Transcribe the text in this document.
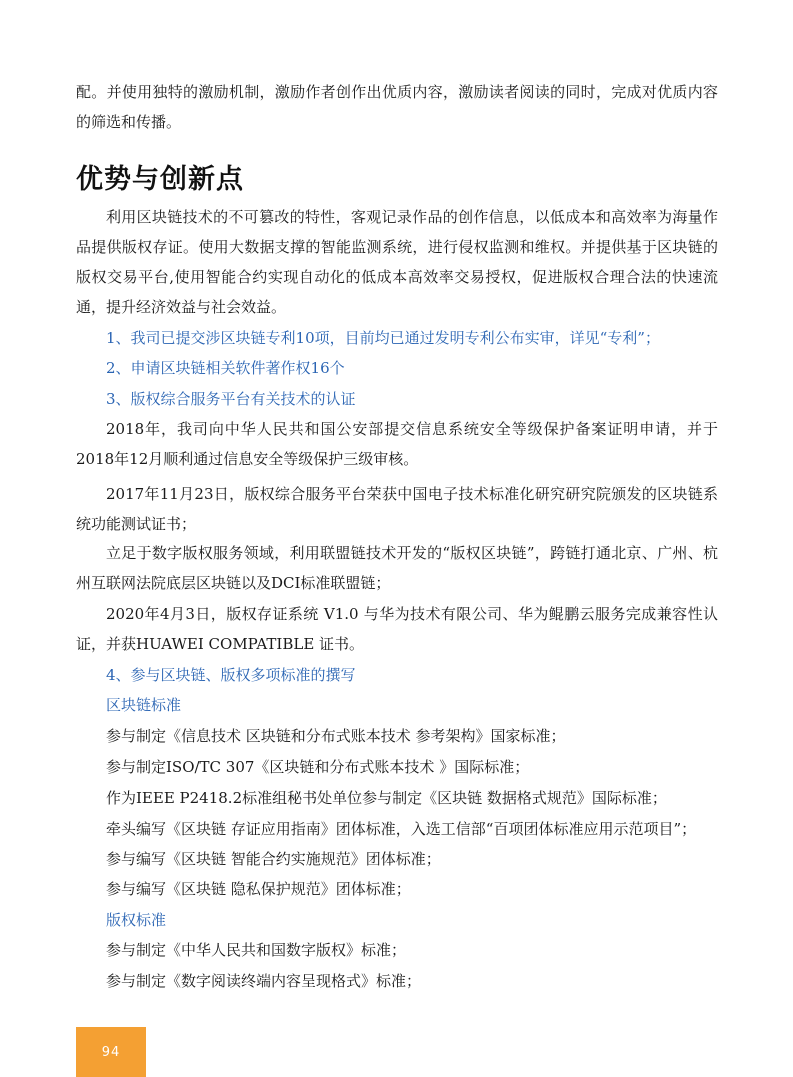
配。并使用独特的激励机制，激励作者创作出优质内容，激励读者阅读的同时，完成对优质内容的筛选和传播。

优势与创新点

利用区块链技术的不可篡改的特性，客观记录作品的创作信息，以低成本和高效率为海量作品提供版权存证。使用大数据支撑的智能监测系统，进行侵权监测和维权。并提供基于区块链的版权交易平台,使用智能合约实现自动化的低成本高效率交易授权，促进版权合理合法的快速流通，提升经济效益与社会效益。

1、我司已提交涉区块链专利10项，目前均已通过发明专利公布实审，详见“专利”；

2、申请区块链相关软件著作权16个

3、版权综合服务平台有关技术的认证

2018年，我司向中华人民共和国公安部提交信息系统安全等级保护备案证明申请，并于2018年12月顺利通过信息安全等级保护三级审核。

2017年11月23日，版权综合服务平台荣获中国电子技术标准化研究研究院颁发的区块链系统功能测试证书；

立足于数字版权服务领域，利用联盟链技术开发的“版权区块链”，跨链打通北京、广州、杭州互联网法院底层区块链以及DCI标准联盟链；

2020年4月3日，版权存证系统 V1.0 与华为技术有限公司、华为鲲鹏云服务完成兼容性认证，并获HUAWEI COMPATIBLE 证书。

4、参与区块链、版权多项标准的撰写

区块链标准

参与制定《信息技术 区块链和分布式账本技术 参考架构》国家标准；

参与制定ISO/TC 307《区块链和分布式账本技术 》国际标准；

作为IEEE P2418.2标准组秘书处单位参与制定《区块链 数据格式规范》国际标准；

牵头编写《区块链 存证应用指南》团体标准，入选工信部“百项团体标准应用示范项目”；

参与编写《区块链 智能合约实施规范》团体标准；

参与编写《区块链 隐私保护规范》团体标准；

版权标准

参与制定《中华人民共和国数字版权》标准；

参与制定《数字阅读终端内容呈现格式》标准；

94
